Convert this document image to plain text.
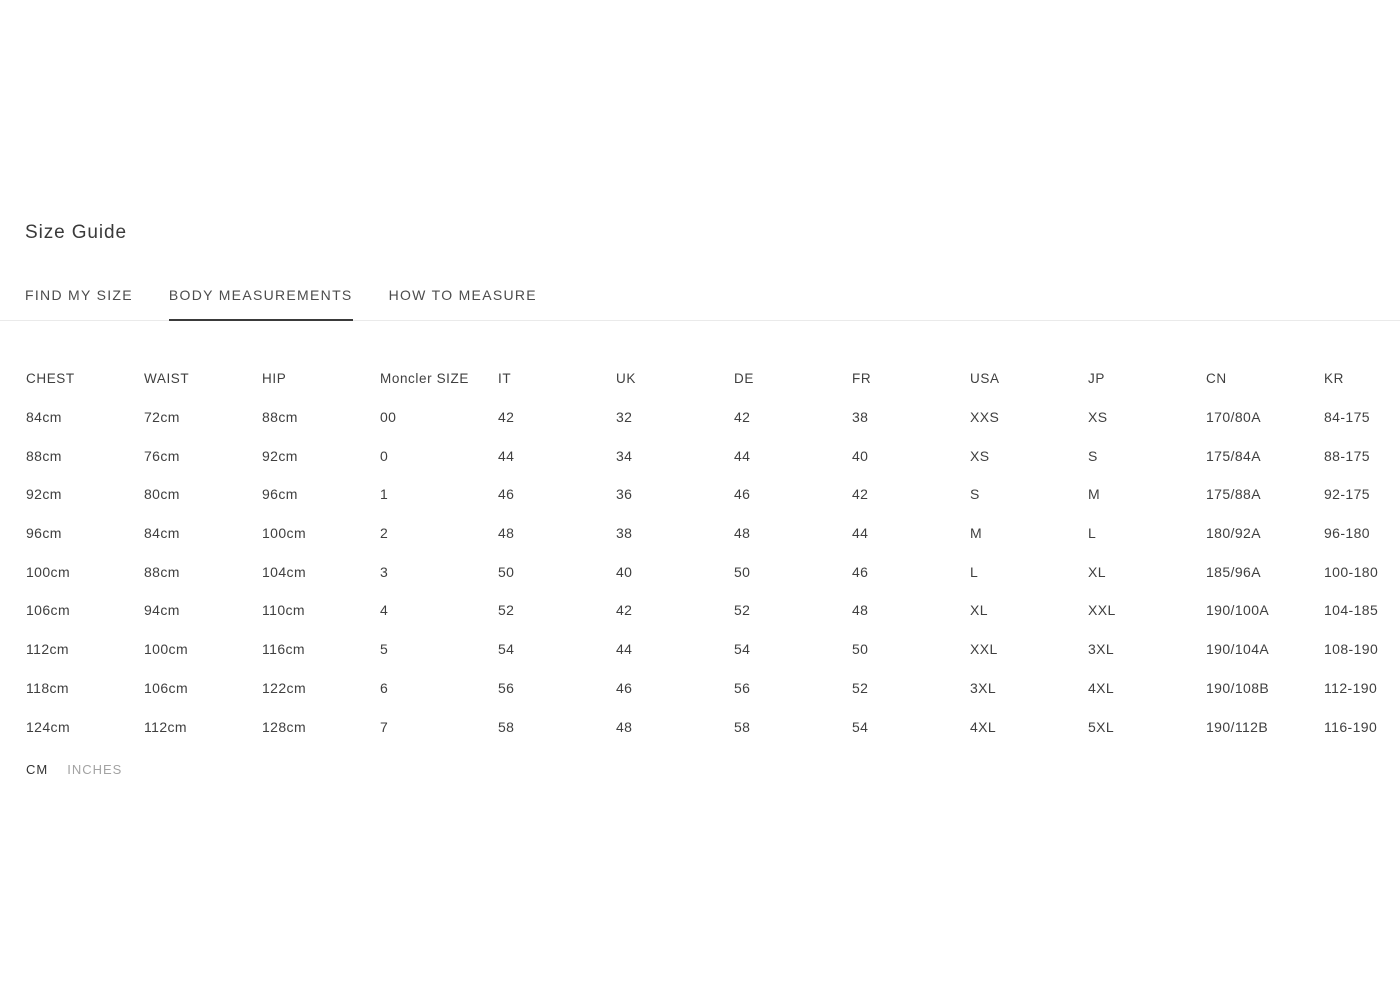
Size Guide
FIND MY SIZE	BODY MEASUREMENTS	HOW TO MEASURE
CHEST	WAIST	HIP	Moncler SIZE	IT	UK	DE	FR	USA	JP	CN	KR
84cm	72cm	88cm	00	42	32	42	38	XXS	XS	170/80A	84-175
88cm	76cm	92cm	0	44	34	44	40	XS	S	175/84A	88-175
92cm	80cm	96cm	1	46	36	46	42	S	M	175/88A	92-175
96cm	84cm	100cm	2	48	38	48	44	M	L	180/92A	96-180
100cm	88cm	104cm	3	50	40	50	46	L	XL	185/96A	100-180
106cm	94cm	110cm	4	52	42	52	48	XL	XXL	190/100A	104-185
112cm	100cm	116cm	5	54	44	54	50	XXL	3XL	190/104A	108-190
118cm	106cm	122cm	6	56	46	56	52	3XL	4XL	190/108B	112-190
124cm	112cm	128cm	7	58	48	58	54	4XL	5XL	190/112B	116-190
CM INCHES
